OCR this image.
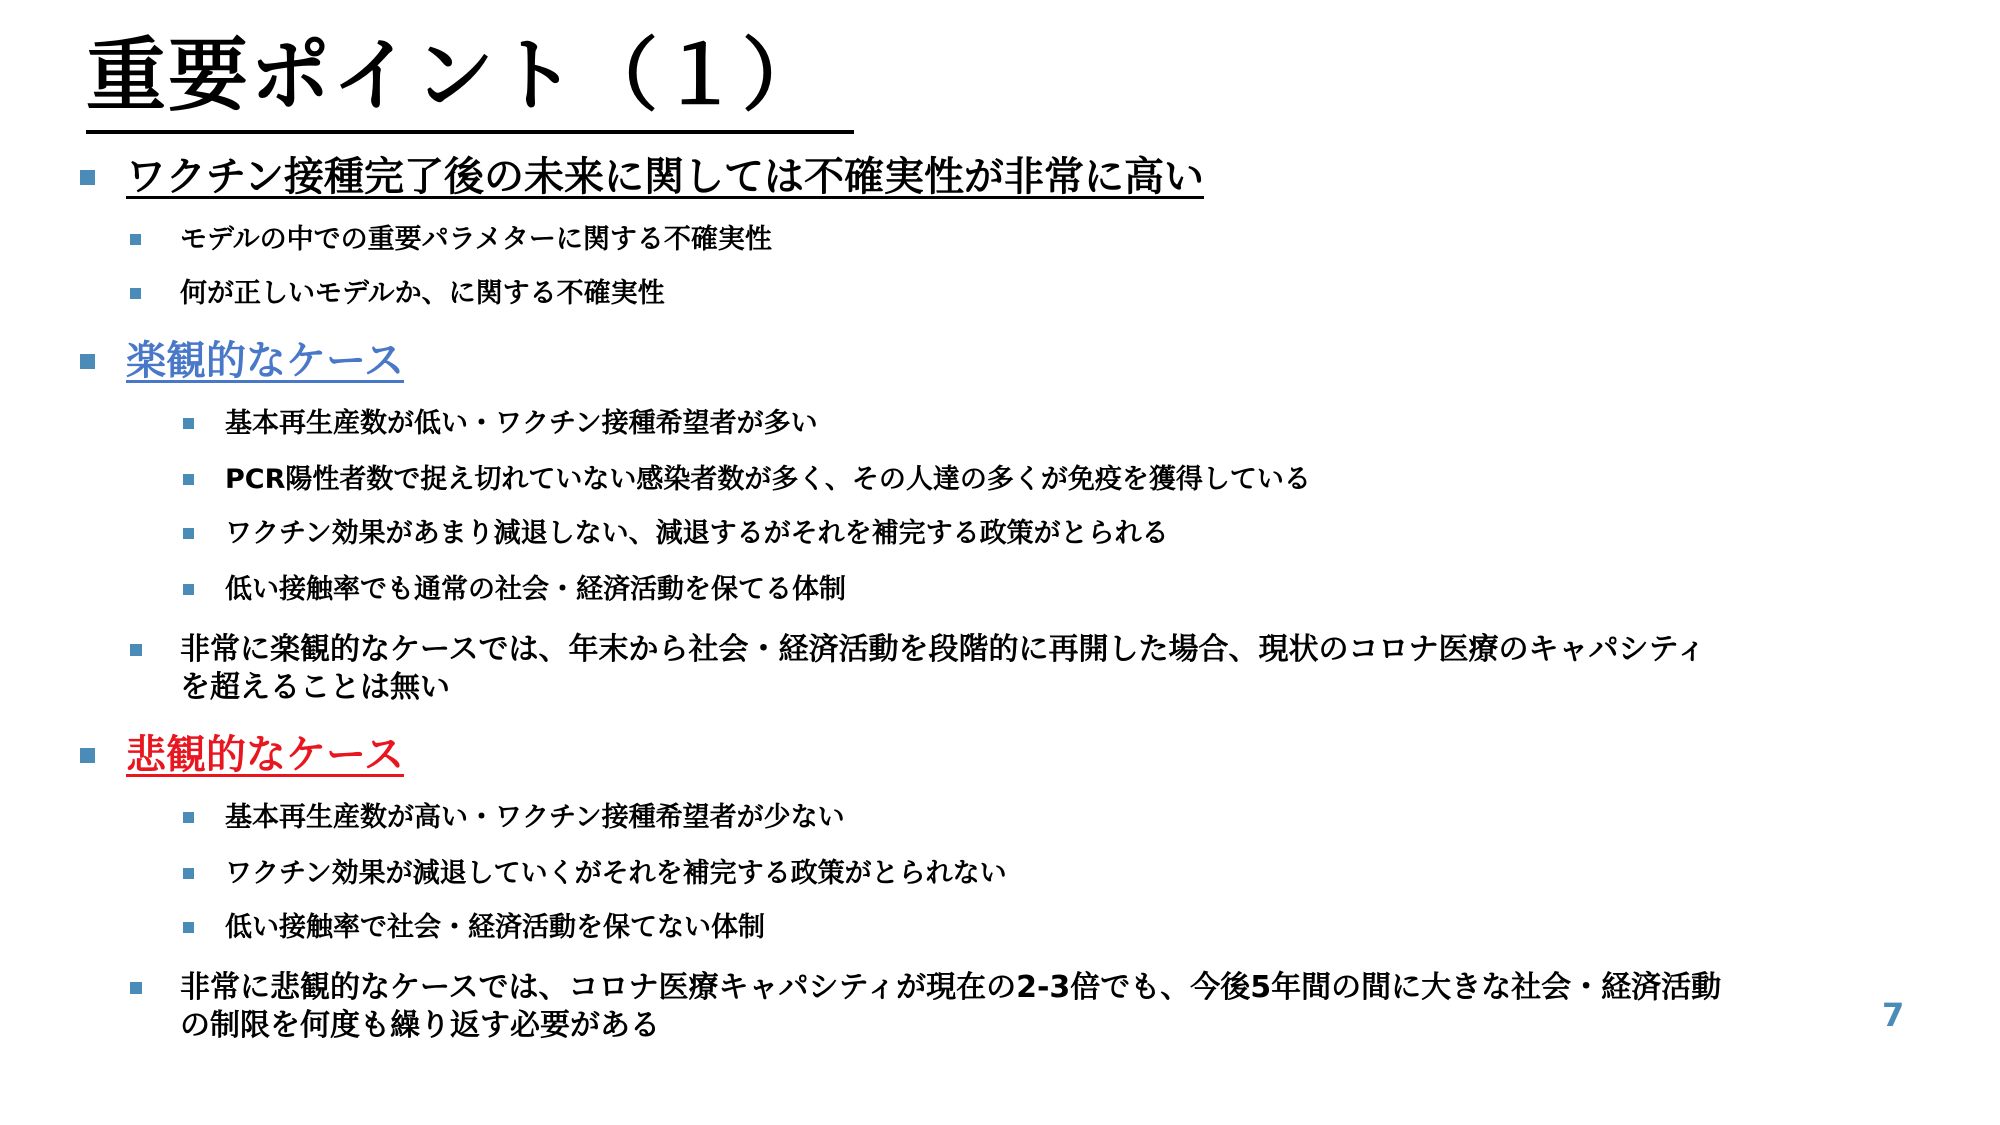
重要ポイント（１）
ワクチン接種完了後の未来に関しては不確実性が非常に高い
モデルの中での重要パラメターに関する不確実性
何が正しいモデルか、に関する不確実性
楽観的なケース
基本再生産数が低い・ワクチン接種希望者が多い
PCR陽性者数で捉え切れていない感染者数が多く、その人達の多くが免疫を獲得している
ワクチン効果があまり減退しない、減退するがそれを補完する政策がとられる
低い接触率でも通常の社会・経済活動を保てる体制
非常に楽観的なケースでは、年末から社会・経済活動を段階的に再開した場合、現状のコロナ医療のキャパシティ
を超えることは無い
悲観的なケース
基本再生産数が高い・ワクチン接種希望者が少ない
ワクチン効果が減退していくがそれを補完する政策がとられない
低い接触率で社会・経済活動を保てない体制
非常に悲観的なケースでは、コロナ医療キャパシティが現在の2-3倍でも、今後5年間の間に大きな社会・経済活動
の制限を何度も繰り返す必要がある	7
